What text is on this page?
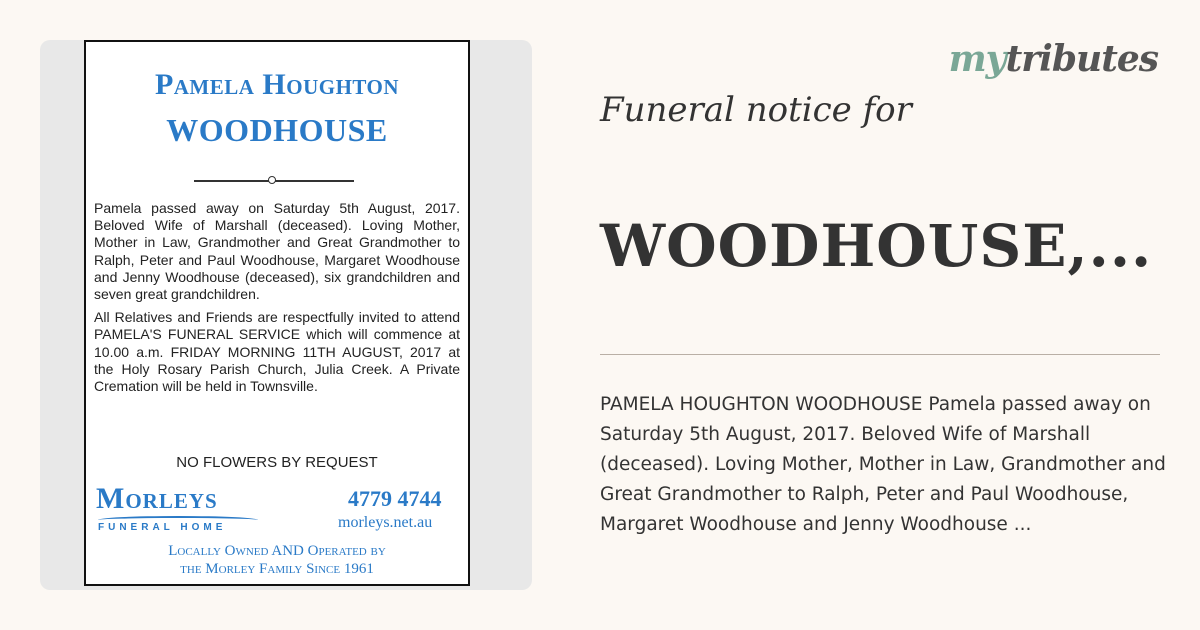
Pamela Houghton
WOODHOUSE

Pamela passed away on Saturday 5th August, 2017. Beloved Wife of Marshall (deceased). Loving Mother, Mother in Law, Grandmother and Great Grandmother to Ralph, Peter and Paul Woodhouse, Margaret Woodhouse and Jenny Woodhouse (deceased), six grandchildren and seven great grandchildren.

All Relatives and Friends are respectfully invited to attend PAMELA'S FUNERAL SERVICE which will commence at 10.00 a.m. FRIDAY MORNING 11TH AUGUST, 2017 at the Holy Rosary Parish Church, Julia Creek. A Private Cremation will be held in Townsville.

NO FLOWERS BY REQUEST
Morleys
FUNERAL HOME
4779 4744
morleys.net.au
Locally Owned AND Operated by
the Morley Family Since 1961
mytributes
Funeral notice for
WOODHOUSE,...
PAMELA HOUGHTON WOODHOUSE Pamela passed away on Saturday 5th August, 2017. Beloved Wife of Marshall (deceased). Loving Mother, Mother in Law, Grandmother and Great Grandmother to Ralph, Peter and Paul Woodhouse, Margaret Woodhouse and Jenny Woodhouse ...
